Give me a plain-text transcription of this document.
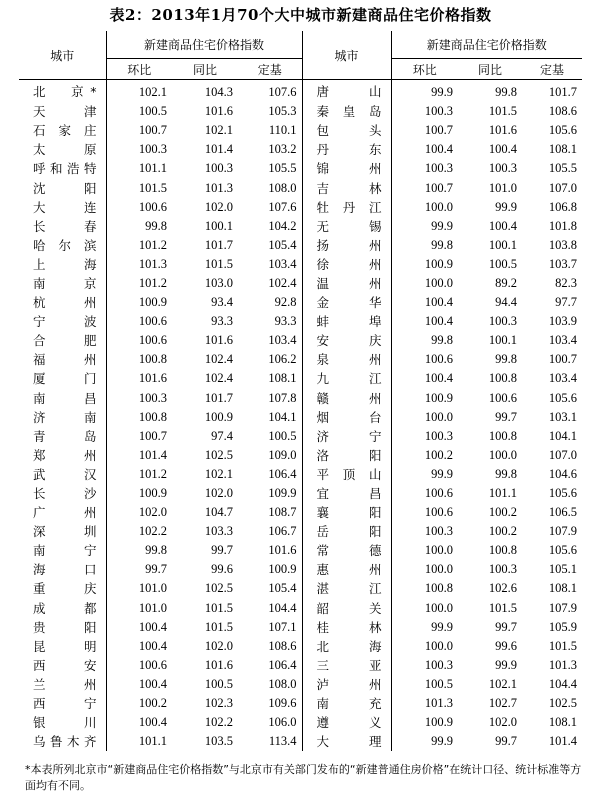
表2：2013年1月70个大中城市新建商品住宅价格指数
城市	新建商品住宅价格指数			城市	新建商品住宅价格指数		
	环比	同比	定基		环比	同比	定基
北　京*	102.1	104.3	107.6	唐山	99.9	99.8	101.7
天津	100.5	101.6	105.3	秦皇岛	100.3	101.5	108.6
石家庄	100.7	102.1	110.1	包头	100.7	101.6	105.6
太原	100.3	101.4	103.2	丹东	100.4	100.4	108.1
呼和浩特	101.1	100.3	105.5	锦州	100.3	100.3	105.5
沈阳	101.5	101.3	108.0	吉林	100.7	101.0	107.0
大连	100.6	102.0	107.6	牡丹江	100.0	99.9	106.8
长春	99.8	100.1	104.2	无锡	99.9	100.4	101.8
哈尔滨	101.2	101.7	105.4	扬州	99.8	100.1	103.8
上海	101.3	101.5	103.4	徐州	100.9	100.5	103.7
南京	101.2	103.0	102.4	温州	100.0	89.2	82.3
杭州	100.9	93.4	92.8	金华	100.4	94.4	97.7
宁波	100.6	93.3	93.3	蚌埠	100.4	100.3	103.9
合肥	100.6	101.6	103.4	安庆	99.8	100.1	103.4
福州	100.8	102.4	106.2	泉州	100.6	99.8	100.7
厦门	101.6	102.4	108.1	九江	100.4	100.8	103.4
南昌	100.3	101.7	107.8	赣州	100.9	100.6	105.6
济南	100.8	100.9	104.1	烟台	100.0	99.7	103.1
青岛	100.7	97.4	100.5	济宁	100.3	100.8	104.1
郑州	101.4	102.5	109.0	洛阳	100.2	100.0	107.0
武汉	101.2	102.1	106.4	平顶山	99.9	99.8	104.6
长沙	100.9	102.0	109.9	宜昌	100.6	101.1	105.6
广州	102.0	104.7	108.7	襄阳	100.6	100.2	106.5
深圳	102.2	103.3	106.7	岳阳	100.3	100.2	107.9
南宁	99.8	99.7	101.6	常德	100.0	100.8	105.6
海口	99.7	99.6	100.9	惠州	100.0	100.3	105.1
重庆	101.0	102.5	105.4	湛江	100.8	102.6	108.1
成都	101.0	101.5	104.4	韶关	100.0	101.5	107.9
贵阳	100.4	101.5	107.1	桂林	99.9	99.7	105.9
昆明	100.4	102.0	108.6	北海	100.0	99.6	101.5
西安	100.6	101.6	106.4	三亚	100.3	99.9	101.3
兰州	100.4	100.5	108.0	泸州	100.5	102.1	104.4
西宁	100.2	102.3	109.6	南充	101.3	102.7	102.5
银川	100.4	102.2	106.0	遵义	100.9	102.0	108.1
乌鲁木齐	101.1	103.5	113.4	大理	99.9	99.7	101.4
*本表所列北京市“新建商品住宅价格指数”与北京市有关部门发布的“新建普通住房价格”在统计口径、统计标准等方面均有不同。
